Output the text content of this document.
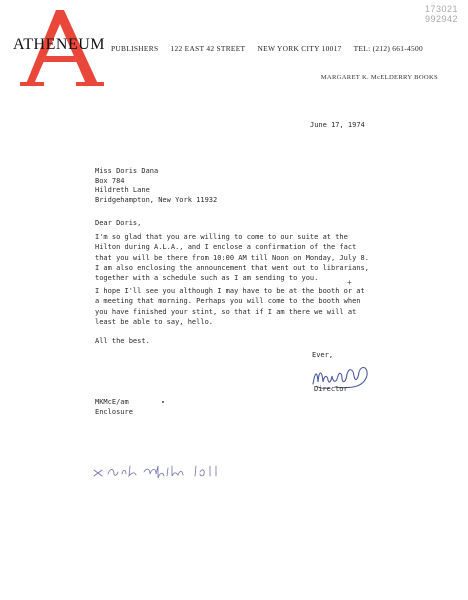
ATHENEUM PUBLISHERS 122 EAST 42 STREET NEW YORK CITY 10017 TEL: (212) 661-4500
MARGARET K. McELDERRY BOOKS
173021
992942
June 17, 1974
Miss Doris Dana
Box 784
Hildreth Lane
Bridgehampton, New York 11932
Dear Doris,
I'm so glad that you are willing to come to our suite at the
Hilton during A.L.A., and I enclose a confirmation of the fact
that you will be there from 10:00 AM till Noon on Monday, July 8.
I am also enclosing the announcement that went out to librarians,
together with a schedule such as I am sending to you.	+
I hope I'll see you although I may have to be at the booth or at
a meeting that morning. Perhaps you will come to the booth when
you have finished your stint, so that if I am there we will at
least be able to say, hello.
All the best.
Ever,
Director
MKMcE/am
Enclosure
